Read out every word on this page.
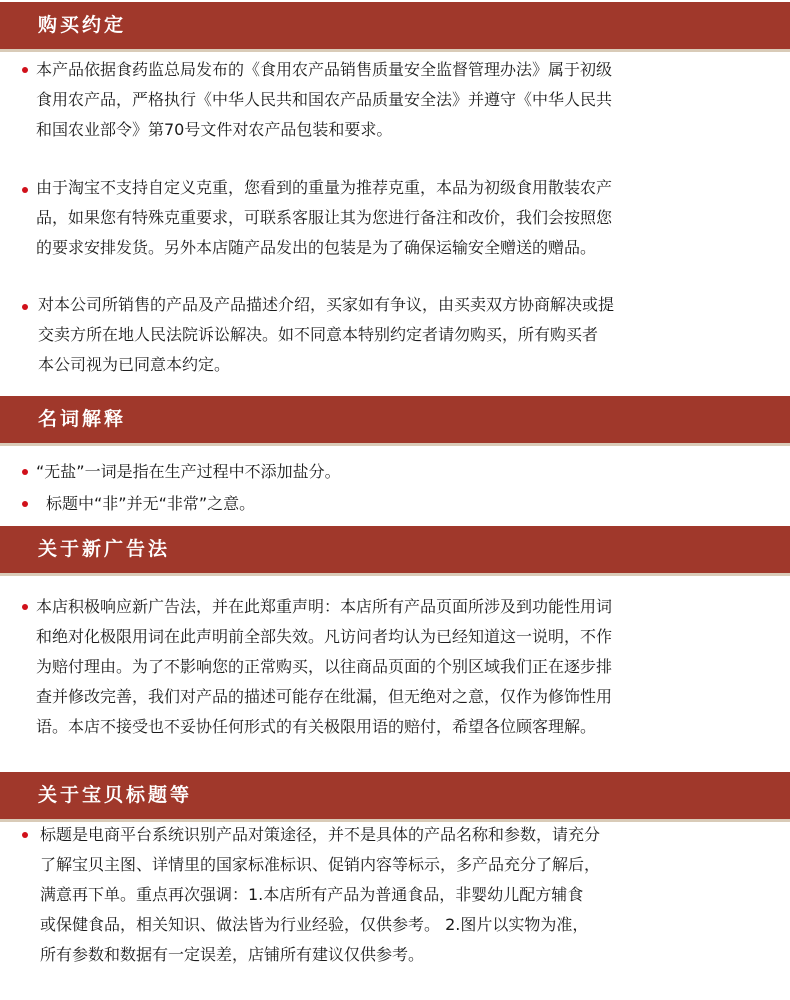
购买约定
本产品依据食药监总局发布的《食用农产品销售质量安全监督管理办法》属于初级
食用农产品，严格执行《中华人民共和国农产品质量安全法》并遵守《中华人民共
和国农业部令》第70号文件对农产品包装和要求。
由于淘宝不支持自定义克重，您看到的重量为推荐克重，本品为初级食用散装农产
品，如果您有特殊克重要求，可联系客服让其为您进行备注和改价，我们会按照您
的要求安排发货。另外本店随产品发出的包装是为了确保运输安全赠送的赠品。
对本公司所销售的产品及产品描述介绍，买家如有争议，由买卖双方协商解决或提
交卖方所在地人民法院诉讼解决。如不同意本特别约定者请勿购买，所有购买者
本公司视为已同意本约定。
名词解释
“无盐”一词是指在生产过程中不添加盐分。
标题中“非”并无“非常”之意。
关于新广告法
本店积极响应新广告法，并在此郑重声明：本店所有产品页面所涉及到功能性用词
和绝对化极限用词在此声明前全部失效。凡访问者均认为已经知道这一说明，不作
为赔付理由。为了不影响您的正常购买，以往商品页面的个别区域我们正在逐步排
查并修改完善，我们对产品的描述可能存在纰漏，但无绝对之意，仅作为修饰性用
语。本店不接受也不妥协任何形式的有关极限用语的赔付，希望各位顾客理解。
关于宝贝标题等
标题是电商平台系统识别产品对策途径，并不是具体的产品名称和参数，请充分
了解宝贝主图、详情里的国家标准标识、促销内容等标示，多产品充分了解后，
满意再下单。重点再次强调：1.本店所有产品为普通食品，非婴幼儿配方辅食
或保健食品，相关知识、做法皆为行业经验，仅供参考。 2.图片以实物为准，
所有参数和数据有一定误差，店铺所有建议仅供参考。
